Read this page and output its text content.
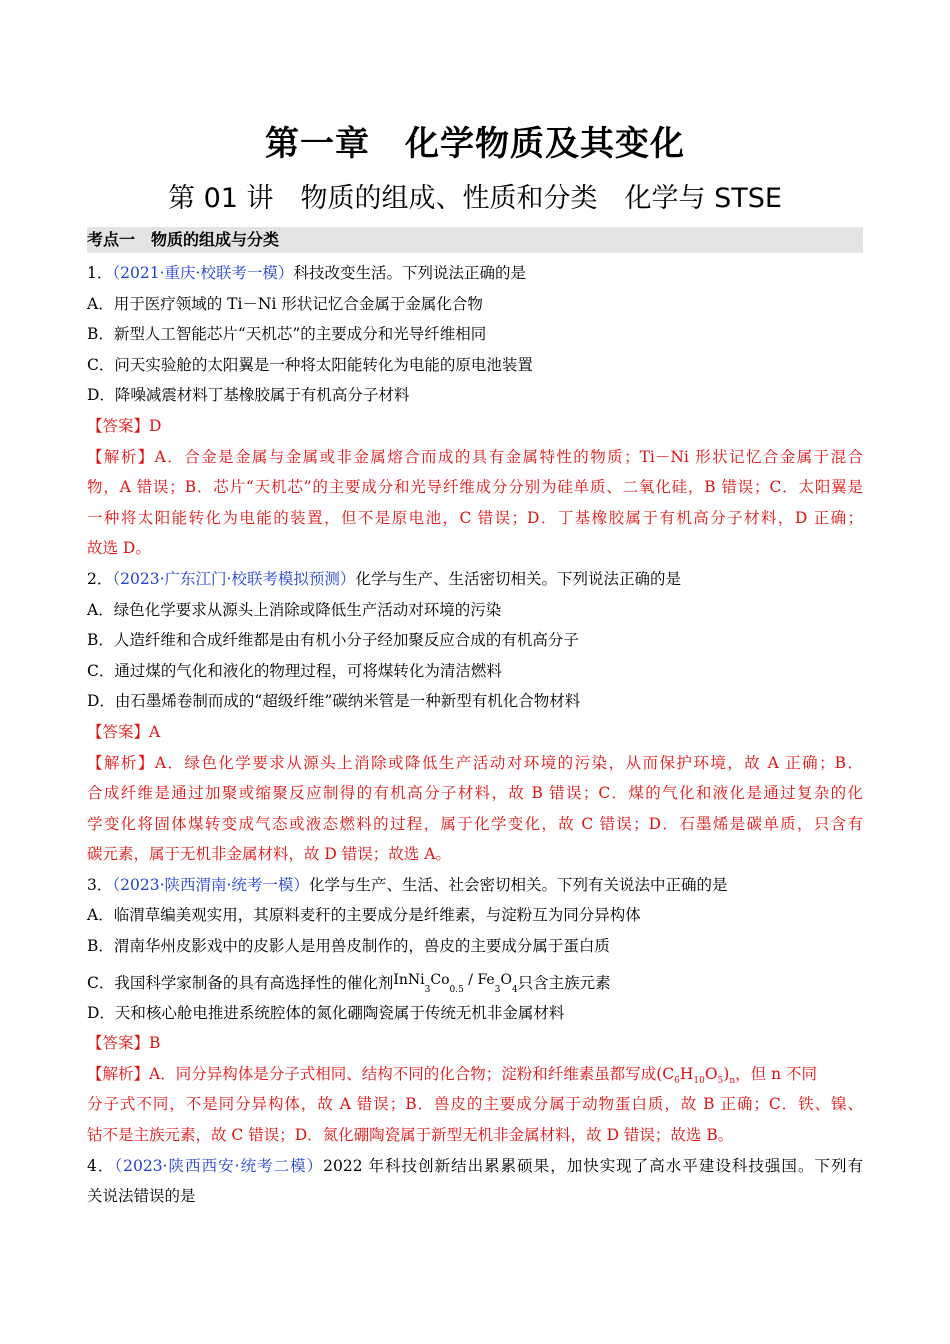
第一章　化学物质及其变化
第 01 讲　物质的组成、性质和分类　化学与 STSE
考点一　物质的组成与分类
1．（2021·重庆·校联考一模）科技改变生活。下列说法正确的是
A．用于医疗领域的 Ti－Ni 形状记忆合金属于金属化合物
B．新型人工智能芯片“天机芯”的主要成分和光导纤维相同
C．问天实验舱的太阳翼是一种将太阳能转化为电能的原电池装置
D．降噪减震材料丁基橡胶属于有机高分子材料
【答案】D
【解析】A．合金是金属与金属或非金属熔合而成的具有金属特性的物质；Ti－Ni 形状记忆合金属于混合
物，A 错误；B．芯片“天机芯”的主要成分和光导纤维成分分别为硅单质、二氧化硅，B 错误；C．太阳翼是
一种将太阳能转化为电能的装置，但不是原电池，C 错误；D．丁基橡胶属于有机高分子材料，D 正确；
故选 D。
2．（2023·广东江门·校联考模拟预测）化学与生产、生活密切相关。下列说法正确的是
A．绿色化学要求从源头上消除或降低生产活动对环境的污染
B．人造纤维和合成纤维都是由有机小分子经加聚反应合成的有机高分子
C．通过煤的气化和液化的物理过程，可将煤转化为清洁燃料
D．由石墨烯卷制而成的“超级纤维”碳纳米管是一种新型有机化合物材料
【答案】A
【解析】A．绿色化学要求从源头上消除或降低生产活动对环境的污染，从而保护环境，故 A 正确；B．
合成纤维是通过加聚或缩聚反应制得的有机高分子材料，故 B 错误；C．煤的气化和液化是通过复杂的化
学变化将固体煤转变成气态或液态燃料的过程，属于化学变化，故 C 错误；D．石墨烯是碳单质，只含有
碳元素，属于无机非金属材料，故 D 错误；故选 A。
3．（2023·陕西渭南·统考一模）化学与生产、生活、社会密切相关。下列有关说法中正确的是
A．临渭草编美观实用，其原料麦秆的主要成分是纤维素，与淀粉互为同分异构体
B．渭南华州皮影戏中的皮影人是用兽皮制作的，兽皮的主要成分属于蛋白质
C．我国科学家制备的具有高选择性的催化剂$^{InNi}_3^{Co}_{0.5}$ $^{/ Fe}_3^O_4$只含主族元素
D．天和核心舱电推进系统腔体的氮化硼陶瓷属于传统无机非金属材料
【答案】B
【解析】A．同分异构体是分子式相同、结构不同的化合物；淀粉和纤维素虽都写成$(C_6H_{10}O_5)_n$，但 n 不同
分子式不同，不是同分异构体，故 A 错误；B．兽皮的主要成分属于动物蛋白质，故 B 正确；C．铁、镍、
钴不是主族元素，故 C 错误；D．氮化硼陶瓷属于新型无机非金属材料，故 D 错误；故选 B。
4．（2023·陕西西安·统考二模）2022 年科技创新结出累累硕果，加快实现了高水平建设科技强国。下列有
关说法错误的是
